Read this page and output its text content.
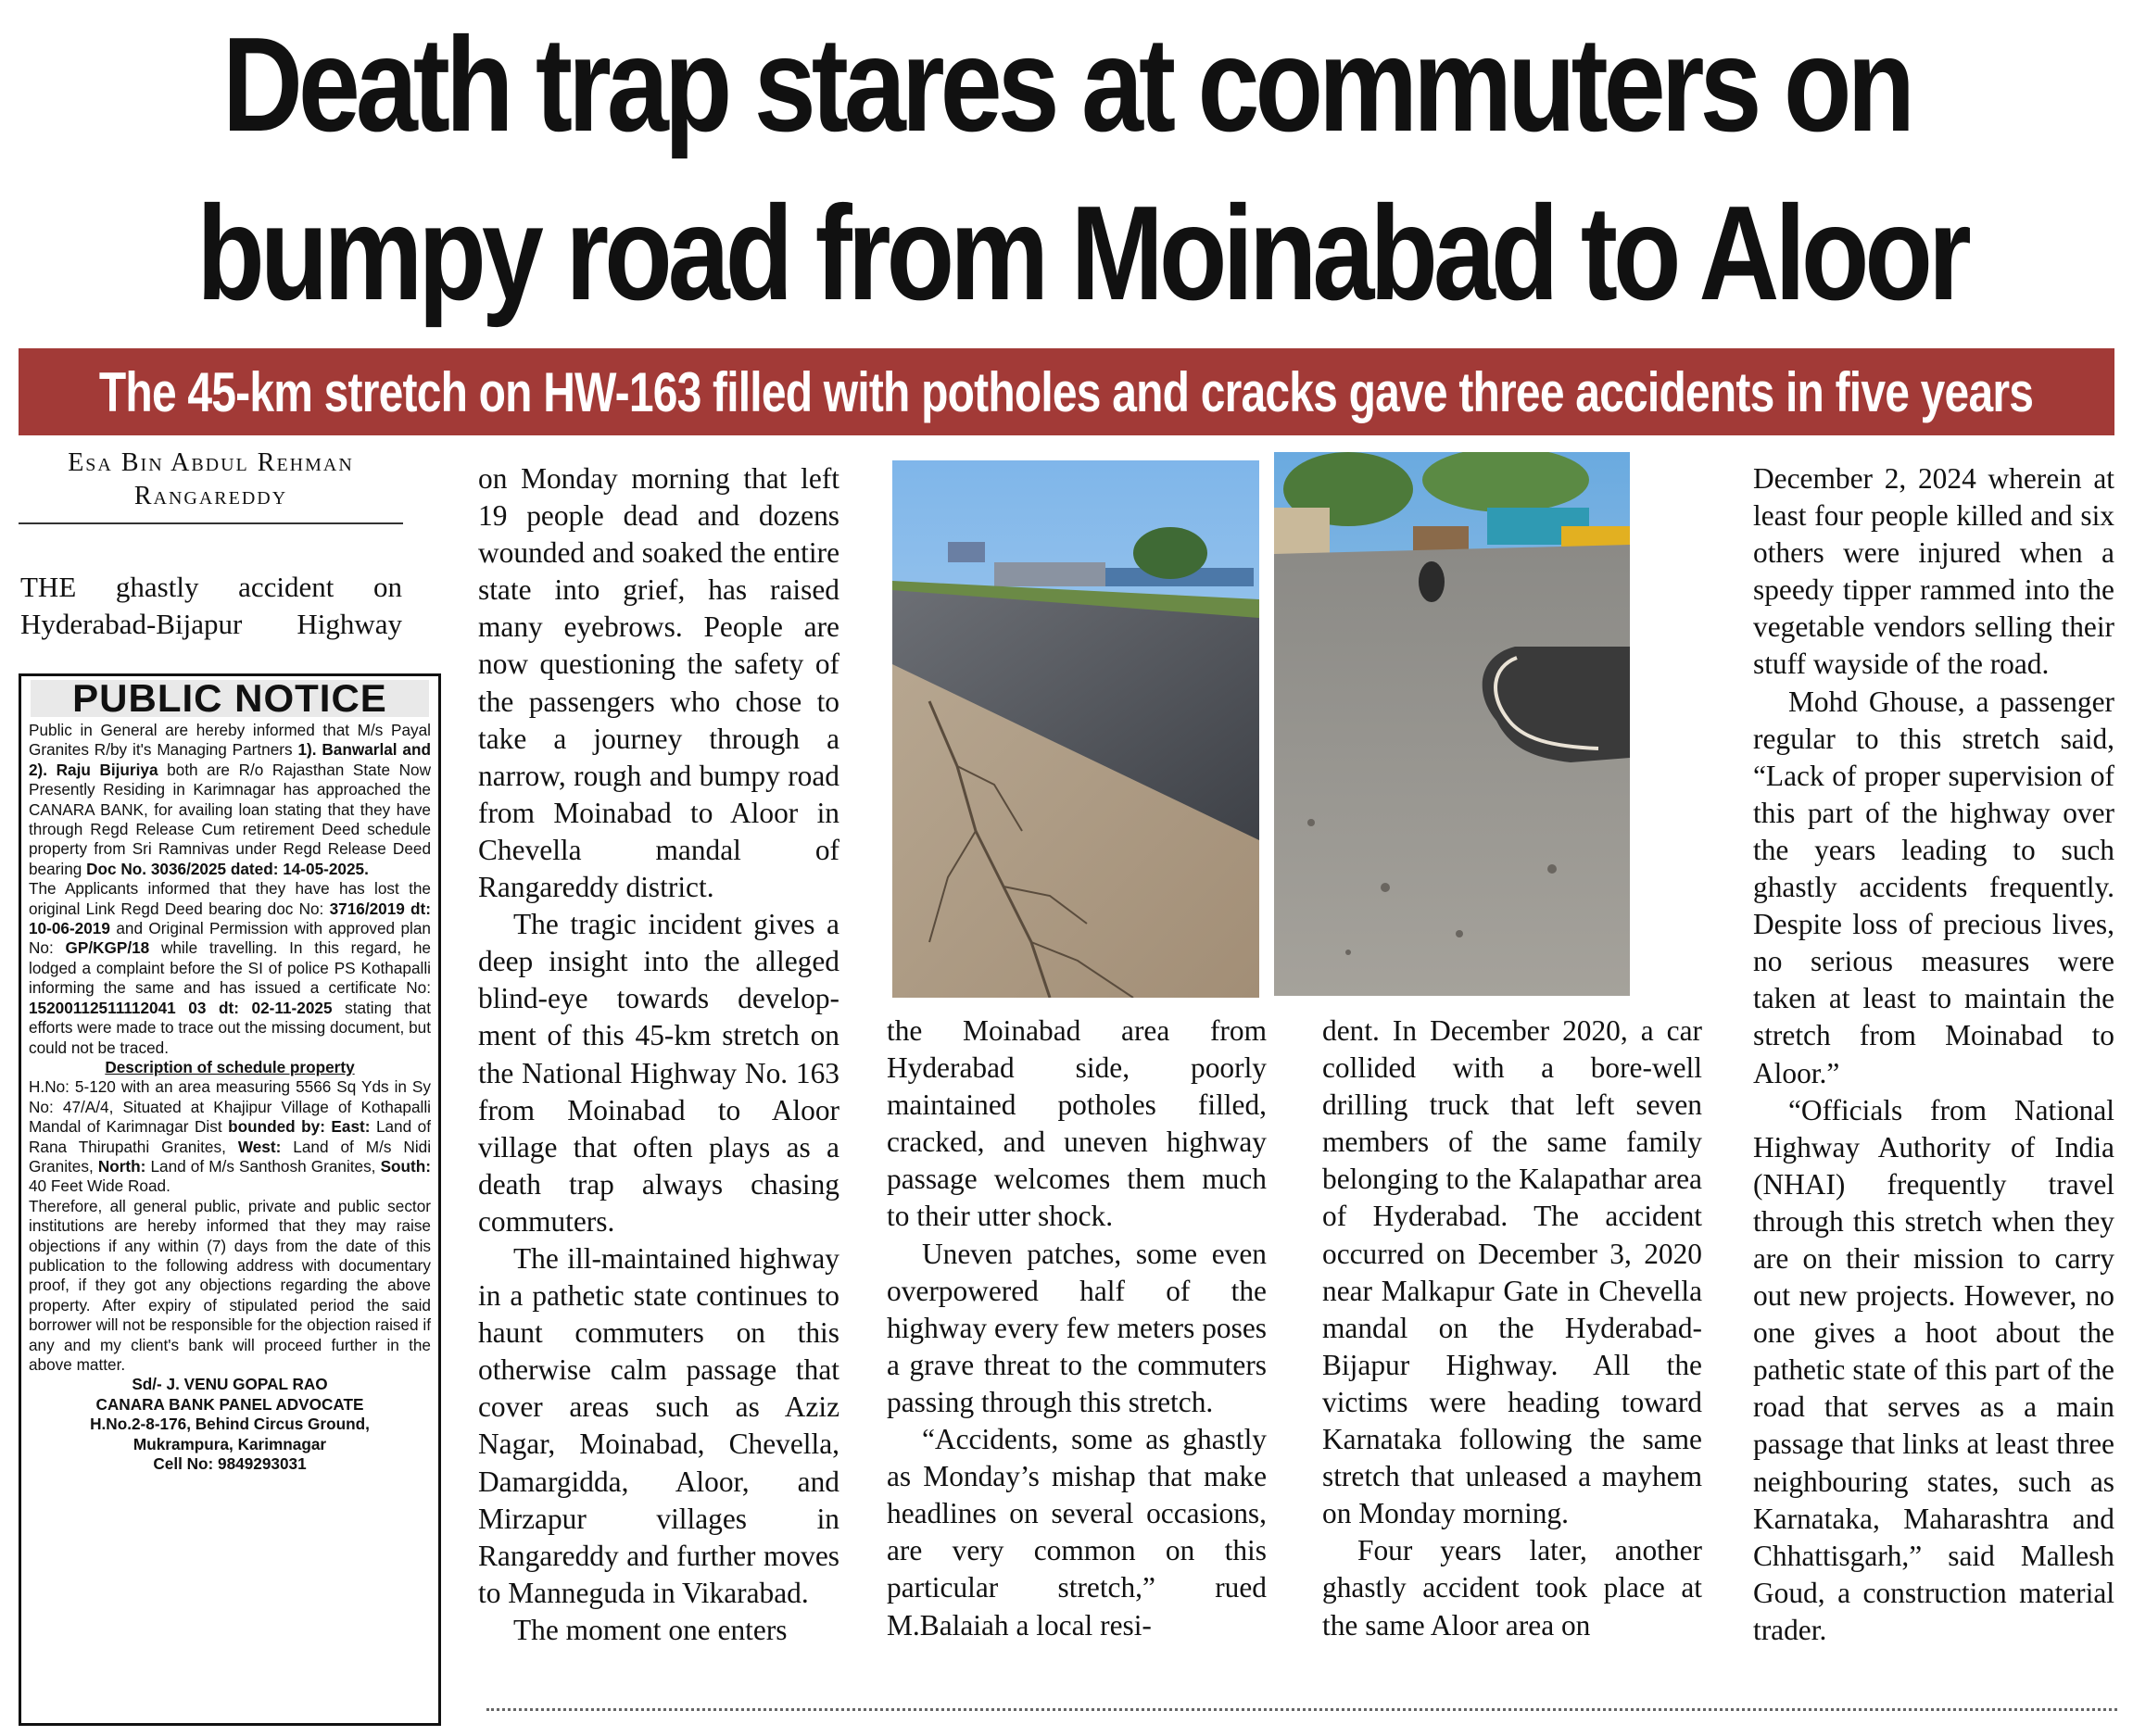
Death trap stares at commuters on
bumpy road from Moinabad to Aloor
The 45-km stretch on HW-163 filled with potholes and cracks gave three accidents in five years
Esa Bin Abdul Rehman
Rangareddy
THE ghastly accident on Hyderabad-Bijapur Highway
PUBLIC NOTICE

Public in General are hereby informed that M/s Payal Granites R/by it's Managing Partners 1). Banwarlal and 2). Raju Bijuriya both are R/o Rajasthan State Now Presently Residing in Karimnagar has approached the CANARA BANK, for availing loan stating that they have through Regd Release Cum retirement Deed schedule property from Sri Ramnivas under Regd Release Deed bearing Doc No. 3036/2025 dated: 14-05-2025.

The Applicants informed that they have has lost the original Link Regd Deed bearing doc No: 3716/2019 dt: 10-06-2019 and Original Permission with approved plan No: GP/KGP/18 while travelling. In this regard, he lodged a complaint before the SI of police PS Kothapalli informing the same and has issued a certificate No: 15200112511112041 03 dt: 02-11-2025 stating that efforts were made to trace out the missing document, but could not be traced.

Description of schedule property

H.No: 5-120 with an area measuring 5566 Sq Yds in Sy No: 47/A/4, Situated at Khajipur Village of Kothapalli Mandal of Karimnagar Dist bounded by: East: Land of Rana Thirupathi Granites, West: Land of M/s Nidi Granites, North: Land of M/s Santhosh Granites, South: 40 Feet Wide Road.

Therefore, all general public, private and public sector institutions are hereby informed that they may raise objections if any within (7) days from the date of this publication to the following address with documentary proof, if they got any objections regarding the above property. After expiry of stipulated period the said borrower will not be responsible for the objection raised if any and my client's bank will proceed further in the above matter.

Sd/- J. VENU GOPAL RAO
CANARA BANK PANEL ADVOCATE
H.No.2-8-176, Behind Circus Ground,
Mukrampura, Karimnagar
Cell No: 9849293031

on Monday morning that left 19 people dead and dozens wounded and soaked the entire state into grief, has raised many eyebrows. People are now questioning the safety of the passengers who chose to take a journey through a narrow, rough and bumpy road from Moinabad to Aloor in Chevella mandal of Rangareddy district.

The tragic incident gives a deep insight into the alleged blind-eye towards development of this 45-km stretch on the National Highway No. 163 from Moinabad to Aloor village that often plays as a death trap always chasing commuters.

The ill-maintained highway in a pathetic state continues to haunt commuters on this otherwise calm passage that cover areas such as Aziz Nagar, Moinabad, Chevella, Damargidda, Aloor, and Mirzapur villages in Rangareddy and further moves to Manneguda in Vikarabad.

The moment one enters

the Moinabad area from Hyderabad side, poorly maintained potholes filled, cracked, and uneven highway passage welcomes them much to their utter shock.

Uneven patches, some even overpowered half of the highway every few meters poses a grave threat to the commuters passing through this stretch.

“Accidents, some as ghastly as Monday’s mishap that make headlines on several occasions, are very common on this particular stretch,” rued M.Balaiah a local resi-

dent. In December 2020, a car collided with a bore-well drilling truck that left seven members of the same family belonging to the Kalapathar area of Hyderabad. The accident occurred on December 3, 2020 near Malkapur Gate in Chevella mandal on the Hyderabad-Bijapur Highway. All the victims were heading toward Karnataka following the same stretch that unleased a mayhem on Monday morning.

Four years later, another ghastly accident took place at the same Aloor area on

December 2, 2024 wherein at least four people killed and six others were injured when a speedy tipper rammed into the vegetable vendors selling their stuff wayside of the road.

Mohd Ghouse, a passenger regular to this stretch said, “Lack of proper supervision of this part of the highway over the years leading to such ghastly accidents frequently. Despite loss of precious lives, no serious measures were taken at least to maintain the stretch from Moinabad to Aloor.”

“Officials from National Highway Authority of India (NHAI) frequently travel through this stretch when they are on their mission to carry out new projects. However, no one gives a hoot about the pathetic state of this part of the road that serves as a main passage that links at least three neighbouring states, such as Karnataka, Maharashtra and Chhattisgarh,” said Mallesh Goud, a construction material trader.
